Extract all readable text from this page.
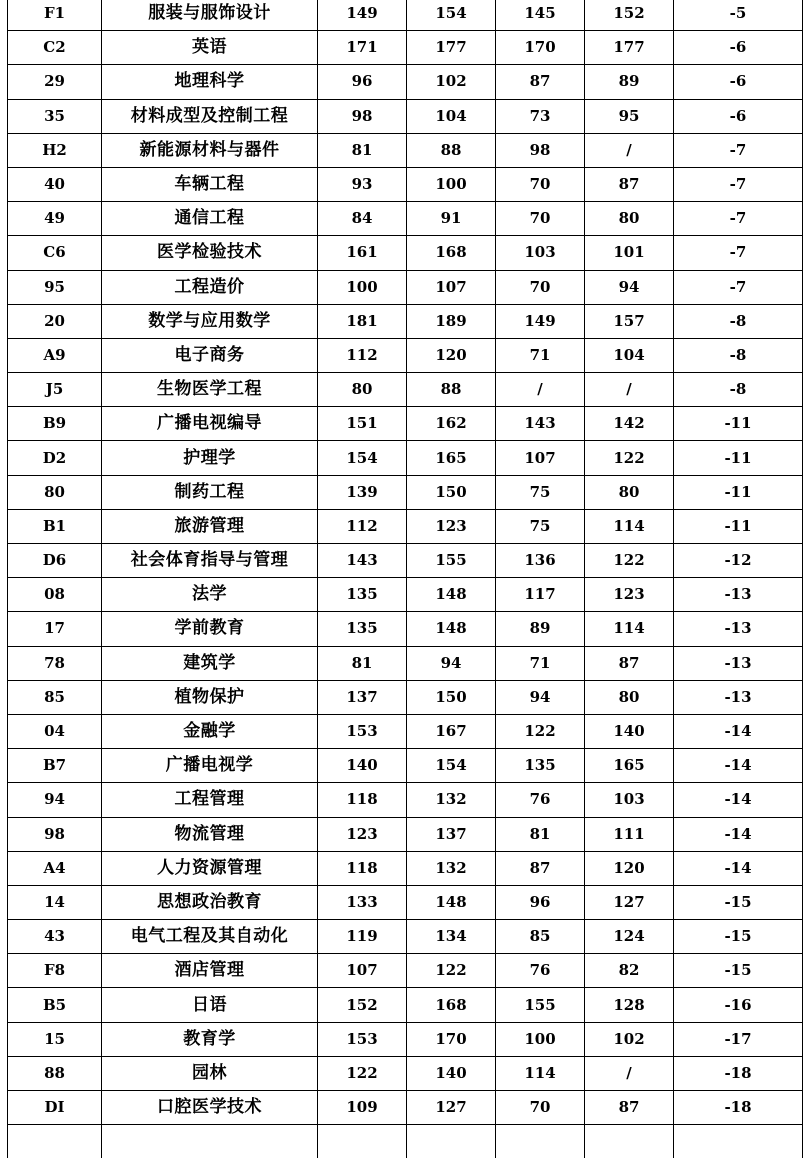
F1	服装与服饰设计	149	154	145	152	-5
C2	英语	171	177	170	177	-6
29	地理科学	96	102	87	89	-6
35	材料成型及控制工程	98	104	73	95	-6
H2	新能源材料与器件	81	88	98	/	-7
40	车辆工程	93	100	70	87	-7
49	通信工程	84	91	70	80	-7
C6	医学检验技术	161	168	103	101	-7
95	工程造价	100	107	70	94	-7
20	数学与应用数学	181	189	149	157	-8
A9	电子商务	112	120	71	104	-8
J5	生物医学工程	80	88	/	/	-8
B9	广播电视编导	151	162	143	142	-11
D2	护理学	154	165	107	122	-11
80	制药工程	139	150	75	80	-11
B1	旅游管理	112	123	75	114	-11
D6	社会体育指导与管理	143	155	136	122	-12
08	法学	135	148	117	123	-13
17	学前教育	135	148	89	114	-13
78	建筑学	81	94	71	87	-13
85	植物保护	137	150	94	80	-13
04	金融学	153	167	122	140	-14
B7	广播电视学	140	154	135	165	-14
94	工程管理	118	132	76	103	-14
98	物流管理	123	137	81	111	-14
A4	人力资源管理	118	132	87	120	-14
14	思想政治教育	133	148	96	127	-15
43	电气工程及其自动化	119	134	85	124	-15
F8	酒店管理	107	122	76	82	-15
B5	日语	152	168	155	128	-16
15	教育学	153	170	100	102	-17
88	园林	122	140	114	/	-18
DI	口腔医学技术	109	127	70	87	-18
